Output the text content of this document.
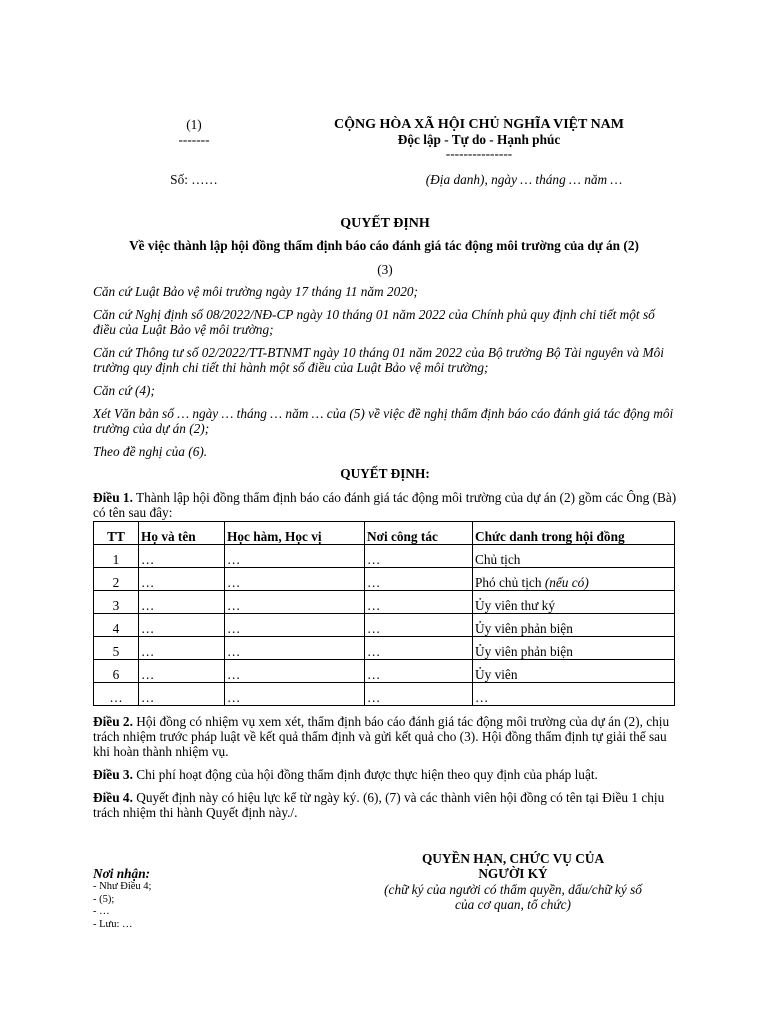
(1)
-------
CỘNG HÒA XÃ HỘI CHỦ NGHĨA VIỆT NAM
Độc lập - Tự do - Hạnh phúc
---------------
Số: ……	(Địa danh), ngày … tháng … năm …
QUYẾT ĐỊNH
Về việc thành lập hội đồng thẩm định báo cáo đánh giá tác động môi trường của dự án (2)
(3)
Căn cứ Luật Bảo vệ môi trường ngày 17 tháng 11 năm 2020;
Căn cứ Nghị định số 08/2022/NĐ-CP ngày 10 tháng 01 năm 2022 của Chính phủ quy định chi tiết một số điều của Luật Bảo vệ môi trường;
Căn cứ Thông tư số 02/2022/TT-BTNMT ngày 10 tháng 01 năm 2022 của Bộ trưởng Bộ Tài nguyên và Môi trường quy định chi tiết thi hành một số điều của Luật Bảo vệ môi trường;
Căn cứ (4);
Xét Văn bản số … ngày … tháng … năm … của (5) về việc đề nghị thẩm định báo cáo đánh giá tác động môi trường của dự án (2);
Theo đề nghị của (6).
QUYẾT ĐỊNH:
Điều 1. Thành lập hội đồng thẩm định báo cáo đánh giá tác động môi trường của dự án (2) gồm các Ông (Bà) có tên sau đây:
TT	Họ và tên	Học hàm, Học vị	Nơi công tác	Chức danh trong hội đồng
1	…	…	…	Chủ tịch
2	…	…	…	Phó chủ tịch (nếu có)
3	…	…	…	Ủy viên thư ký
4	…	…	…	Ủy viên phản biện
5	…	…	…	Ủy viên phản biện
6	…	…	…	Ủy viên
…	…	…	…	…
Điều 2. Hội đồng có nhiệm vụ xem xét, thẩm định báo cáo đánh giá tác động môi trường của dự án (2), chịu trách nhiệm trước pháp luật về kết quả thẩm định và gửi kết quả cho (3). Hội đồng thẩm định tự giải thể sau khi hoàn thành nhiệm vụ.
Điều 3. Chi phí hoạt động của hội đồng thẩm định được thực hiện theo quy định của pháp luật.
Điều 4. Quyết định này có hiệu lực kể từ ngày ký. (6), (7) và các thành viên hội đồng có tên tại Điều 1 chịu trách nhiệm thi hành Quyết định này./.
Nơi nhận:
- Như Điều 4;
- (5);
- …
- Lưu: …
QUYỀN HẠN, CHỨC VỤ CỦA
NGƯỜI KÝ
(chữ ký của người có thẩm quyền, dấu/chữ ký số của cơ quan, tổ chức)
